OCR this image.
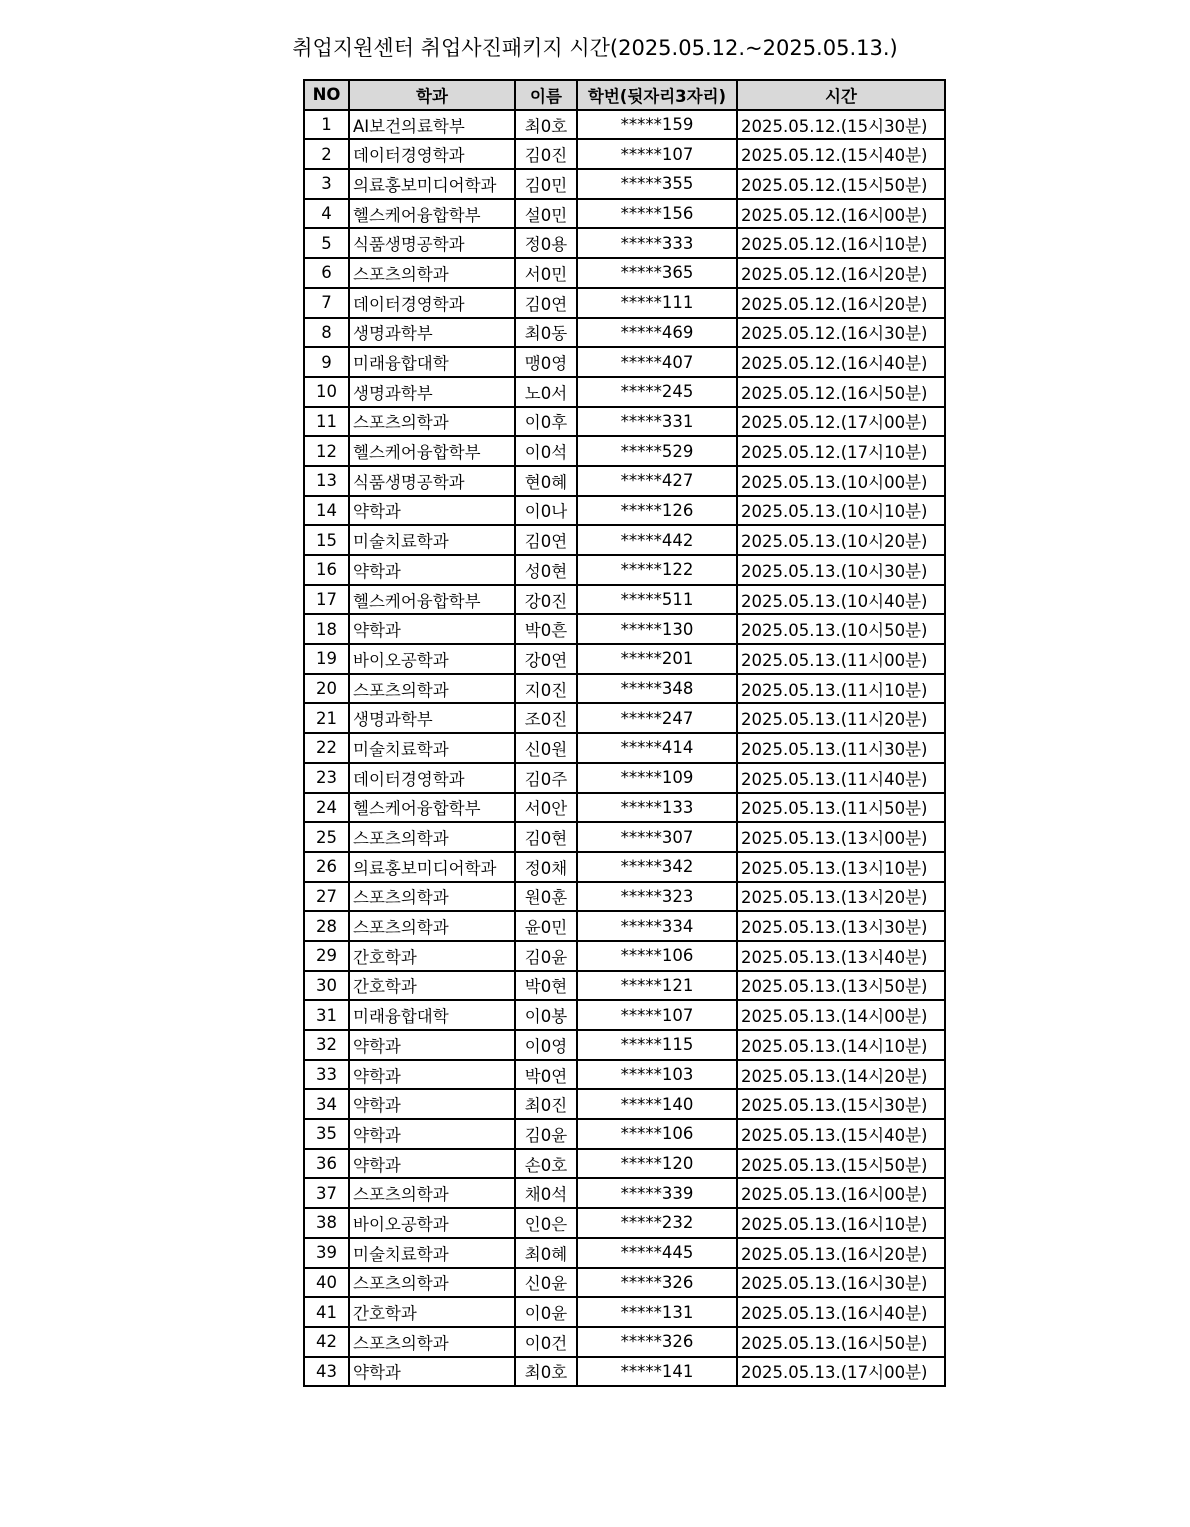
취업지원센터 취업사진패키지 시간(2025.05.12.~2025.05.13.)
NO	학과	이름	학번(뒷자리3자리)	시간
1	AI보건의료학부	최0호	*****159	2025.05.12.(15시30분)
2	데이터경영학과	김0진	*****107	2025.05.12.(15시40분)
3	의료홍보미디어학과	김0민	*****355	2025.05.12.(15시50분)
4	헬스케어융합학부	설0민	*****156	2025.05.12.(16시00분)
5	식품생명공학과	정0용	*****333	2025.05.12.(16시10분)
6	스포츠의학과	서0민	*****365	2025.05.12.(16시20분)
7	데이터경영학과	김0연	*****111	2025.05.12.(16시20분)
8	생명과학부	최0동	*****469	2025.05.12.(16시30분)
9	미래융합대학	맹0영	*****407	2025.05.12.(16시40분)
10	생명과학부	노0서	*****245	2025.05.12.(16시50분)
11	스포츠의학과	이0후	*****331	2025.05.12.(17시00분)
12	헬스케어융합학부	이0석	*****529	2025.05.12.(17시10분)
13	식품생명공학과	현0혜	*****427	2025.05.13.(10시00분)
14	약학과	이0나	*****126	2025.05.13.(10시10분)
15	미술치료학과	김0연	*****442	2025.05.13.(10시20분)
16	약학과	성0현	*****122	2025.05.13.(10시30분)
17	헬스케어융합학부	강0진	*****511	2025.05.13.(10시40분)
18	약학과	박0흔	*****130	2025.05.13.(10시50분)
19	바이오공학과	강0연	*****201	2025.05.13.(11시00분)
20	스포츠의학과	지0진	*****348	2025.05.13.(11시10분)
21	생명과학부	조0진	*****247	2025.05.13.(11시20분)
22	미술치료학과	신0원	*****414	2025.05.13.(11시30분)
23	데이터경영학과	김0주	*****109	2025.05.13.(11시40분)
24	헬스케어융합학부	서0안	*****133	2025.05.13.(11시50분)
25	스포츠의학과	김0현	*****307	2025.05.13.(13시00분)
26	의료홍보미디어학과	정0채	*****342	2025.05.13.(13시10분)
27	스포츠의학과	원0훈	*****323	2025.05.13.(13시20분)
28	스포츠의학과	윤0민	*****334	2025.05.13.(13시30분)
29	간호학과	김0윤	*****106	2025.05.13.(13시40분)
30	간호학과	박0현	*****121	2025.05.13.(13시50분)
31	미래융합대학	이0봉	*****107	2025.05.13.(14시00분)
32	약학과	이0영	*****115	2025.05.13.(14시10분)
33	약학과	박0연	*****103	2025.05.13.(14시20분)
34	약학과	최0진	*****140	2025.05.13.(15시30분)
35	약학과	김0윤	*****106	2025.05.13.(15시40분)
36	약학과	손0호	*****120	2025.05.13.(15시50분)
37	스포츠의학과	채0석	*****339	2025.05.13.(16시00분)
38	바이오공학과	인0은	*****232	2025.05.13.(16시10분)
39	미술치료학과	최0혜	*****445	2025.05.13.(16시20분)
40	스포츠의학과	신0윤	*****326	2025.05.13.(16시30분)
41	간호학과	이0윤	*****131	2025.05.13.(16시40분)
42	스포츠의학과	이0건	*****326	2025.05.13.(16시50분)
43	약학과	최0호	*****141	2025.05.13.(17시00분)
